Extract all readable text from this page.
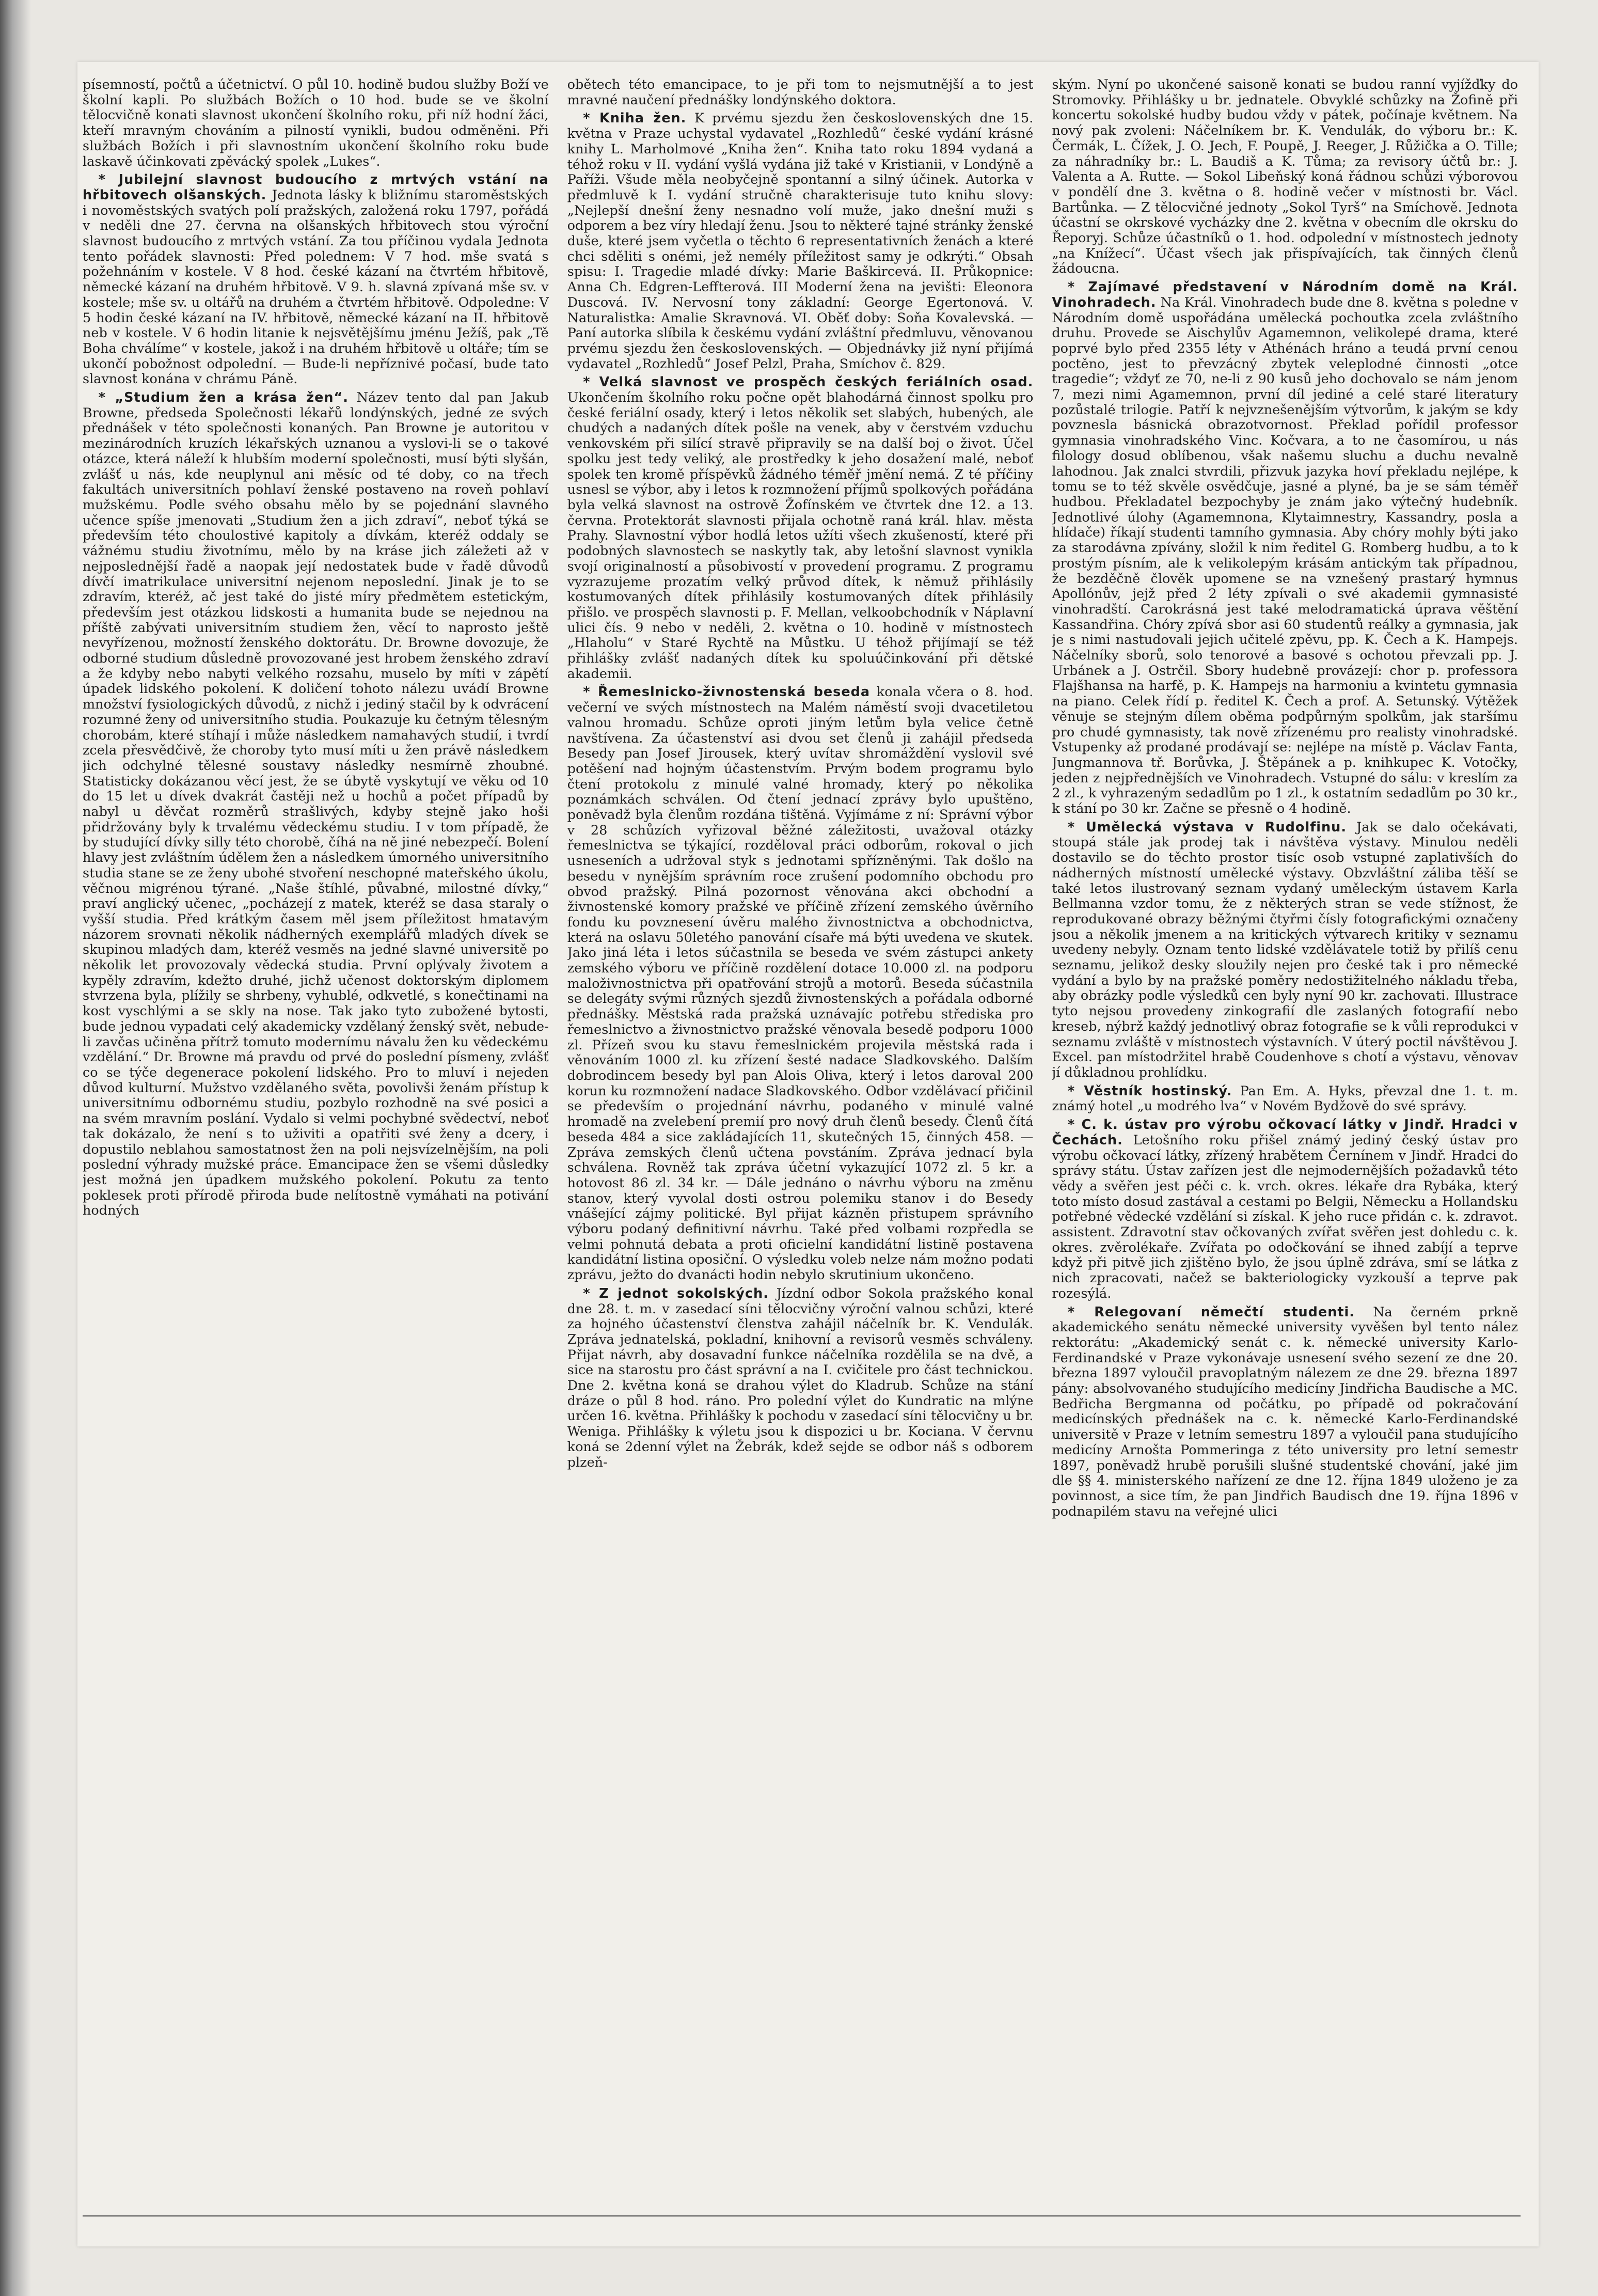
písemností, počtů a účetnictví. O půl 10. hodině budou služby Boží ve školní kapli. Po službách Božích o 10 hod. bude se ve školní tělocvičně konati slavnost ukončení školního roku, při níž hodní žáci, kteří mravným chováním a pilností vynikli, budou odměněni. Při službách Božích i při slavnostním ukončení školního roku bude laskavě účinkovati zpěvácký spolek „Lukes“.

* Jubilejní slavnost budoucího z mrtvých vstání na hřbitovech olšanských. Jednota lásky k bližnímu staroměstských i novoměstských svatých polí pražských, založená roku 1797, pořádá v neděli dne 27. června na olšanských hřbitovech stou výroční slavnost budoucího z mrtvých vstání. Za tou příčinou vydala Jednota tento pořádek slavnosti: Před polednem: V 7 hod. mše svatá s požehnáním v kostele. V 8 hod. české kázaní na čtvrtém hřbitově, německé kázaní na druhém hřbitově. V 9. h. slavná zpívaná mše sv. v kostele; mše sv. u oltářů na druhém a čtvrtém hřbitově. Odpoledne: V 5 hodin české kázaní na IV. hřbitově, německé kázaní na II. hřbitově neb v kostele. V 6 hodin litanie k nejsvětějšímu jménu Ježíš, pak „Tě Boha chválíme“ v kostele, jakož i na druhém hřbitově u oltáře; tím se ukončí pobožnost odpolední. — Bude-li nepříznivé počasí, bude tato slavnost konána v chrámu Páně.

* „Studium žen a krása žen“. Název tento dal pan Jakub Browne, předseda Společnosti lékařů londýnských, jedné ze svých přednášek v této společnosti konaných. Pan Browne je autoritou v mezinárodních kruzích lékařských uznanou a vyslovi-li se o takové otázce, která náleží k hlubším moderní společnosti, musí býti slyšán, zvlášť u nás, kde neuplynul ani měsíc od té doby, co na třech fakultách universitních pohlaví ženské postaveno na roveň pohlaví mužskému. Podle svého obsahu mělo by se pojednání slavného učence spíše jmenovati „Studium žen a jich zdraví“, neboť týká se především této choulostivé kapitoly a dívkám, kteréž oddaly se vážnému studiu životnímu, mělo by na kráse jich záležeti až v nejposlednější řadě a naopak její nedostatek bude v řadě důvodů dívčí imatrikulace universitní nejenom neposlední. Jinak je to se zdravím, kteréž, ač jest také do jisté míry předmětem estetickým, především jest otázkou lidskosti a humanita bude se nejednou na příště zabývati universitním studiem žen, věcí to naprosto ještě nevyřízenou, možností ženského doktorátu. Dr. Browne dovozuje, že odborné studium důsledně provozované jest hrobem ženského zdraví a že kdyby nebo nabyti velkého rozsahu, muselo by míti v zápětí úpadek lidského pokolení. K doličení tohoto nálezu uvádí Browne množství fysiologických důvodů, z nichž i jediný stačil by k odvrácení rozumné ženy od universitního studia. Poukazuje ku četným tělesným chorobám, které stíhají i může následkem namahavých studií, i tvrdí zcela přesvědčivě, že choroby tyto musí míti u žen právě následkem jich odchylné tělesné soustavy následky nesmírně zhoubné. Statisticky dokázanou věcí jest, že se úbytě vyskytují ve věku od 10 do 15 let u dívek dvakrát častěji než u hochů a počet případů by nabyl u děvčat rozměrů strašlivých, kdyby stejně jako hoši přidržovány byly k trvalému vědeckému studiu. I v tom případě, že by studující dívky silly této chorobě, číhá na ně jiné nebezpečí. Bolení hlavy jest zvláštním údělem žen a následkem úmorného universitního studia stane se ze ženy ubohé stvoření neschopné mateřského úkolu, věčnou migrénou týrané. „Naše štíhlé, půvabné, milostné dívky,“ praví anglický učenec, „pocházejí z matek, kteréž se dasa staraly o vyšší studia. Před krátkým časem měl jsem příležitost hmatavým názorem srovnati několik nádherných exemplářů mladých dívek se skupinou mladých dam, kteréž vesměs na jedné slavné universitě po několik let provozovaly vědecká studia. První oplývaly životem a kypěly zdravím, kdežto druhé, jichž učenost doktorským diplomem stvrzena byla, plížily se shrbeny, vyhublé, odkvetlé, s konečtinami na kost vyschlými a se skly na nose. Tak jako tyto zubožené bytosti, bude jednou vypadati celý akademicky vzdělaný ženský svět, nebude-li zavčas učiněna přítrž tomuto modernímu návalu žen ku vědeckému vzdělání.“ Dr. Browne má pravdu od prvé do poslední písmeny, zvlášť co se týče degenerace pokolení lidského. Pro to mluví i nejeden důvod kulturní. Mužstvo vzdělaného světa, povolivši ženám přístup k universitnímu odbornému studiu, pozbylo rozhodně na své posici a na svém mravním poslání. Vydalo si velmi pochybné svědectví, neboť tak dokázalo, že není s to uživiti a opatřiti své ženy a dcery, i dopustilo neblahou samostatnost žen na poli nejsvízelnějším, na poli poslední výhrady mužské práce. Emancipace žen se všemi důsledky jest možná jen úpadkem mužského pokolení. Pokutu za tento poklesek proti přírodě přiroda bude nelítostně vymáhati na potivání hodných

obětech této emancipace, to je při tom to nejsmutnější a to jest mravné naučení přednášky londýnského doktora.

* Kniha žen. K prvému sjezdu žen československých dne 15. května v Praze uchystal vydavatel „Rozhledů“ české vydání krásné knihy L. Marholmové „Kniha žen“. Kniha tato roku 1894 vydaná a téhož roku v II. vydání vyšlá vydána již také v Kristianii, v Londýně a Paříži. Všude měla neobyčejně spontanní a silný účinek. Autorka v předmluvě k I. vydání stručně charakterisuje tuto knihu slovy: „Nejlepší dnešní ženy nesnadno volí muže, jako dnešní muži s odporem a bez víry hledají ženu. Jsou to některé tajné stránky ženské duše, které jsem vyčetla o těchto 6 representativních ženách a které chci sděliti s onémi, jež nemély příležitost samy je odkrýti.“ Obsah spisu: I. Tragedie mladé dívky: Marie Baškircevá. II. Průkopnice: Anna Ch. Edgren-Leffterová. III Moderní žena na jevišti: Eleonora Duscová. IV. Nervosní tony základní: George Egertonová. V. Naturalistka: Amalie Skravnová. VI. Oběť doby: Soňa Kovalevská. — Paní autorka slíbila k českému vydání zvláštní předmluvu, věnovanou prvému sjezdu žen československých. — Objednávky již nyní přijímá vydavatel „Rozhledů“ Josef Pelzl, Praha, Smíchov č. 829.

* Velká slavnost ve prospěch českých feriálních osad. Ukončením školního roku počne opět blahodárná činnost spolku pro české feriální osady, který i letos několik set slabých, hubených, ale chudých a nadaných dítek pošle na venek, aby v čerstvém vzduchu venkovském při silící stravě připravily se na další boj o život. Účel spolku jest tedy veliký, ale prostředky k jeho dosažení malé, neboť spolek ten kromě příspěvků žádného téměř jmění nemá. Z té příčiny usnesl se výbor, aby i letos k rozmnožení příjmů spolkových pořádána byla velká slavnost na ostrově Žofínském ve čtvrtek dne 12. a 13. června. Protektorát slavnosti přijala ochotně raná král. hlav. města Prahy. Slavnostní výbor hodlá letos užíti všech zkušeností, které při podobných slavnostech se naskytly tak, aby letošní slavnost vynikla svojí originalností a působivostí v provedení programu. Z programu vyzrazujeme prozatím velký průvod dítek, k němuž přihlásily kostumovaných dítek přihlásily kostumovaných dítek přihlásily přišlo. ve prospěch slavnosti p. F. Mellan, velkoobchodník v Náplavní ulici čís. 9 nebo v neděli, 2. května o 10. hodině v místnostech „Hlaholu“ v Staré Rychtě na Můstku. U téhož přijímají se též přihlášky zvlášť nadaných dítek ku spoluúčinkování při dětské akademii.

* Řemeslnicko-živnostenská beseda konala včera o 8. hod. večerní ve svých místnostech na Malém náměstí svoji dvacetiletou valnou hromadu. Schůze oproti jiným letům byla velice četně navštívena. Za účastenství asi dvou set členů ji zahájil předseda Besedy pan Josef Jirousek, který uvítav shromáždění vyslovil své potěšení nad hojným účastenstvím. Prvým bodem programu bylo čtení protokolu z minulé valné hromady, který po několika poznámkách schválen. Od čtení jednací zprávy bylo upuštěno, poněvadž byla členům rozdána tištěná. Vyjímáme z ní: Správní výbor v 28 schůzích vyřizoval běžné záležitosti, uvažoval otázky řemeslnictva se týkající, rozděloval práci odborům, rokoval o jich usneseních a udržoval styk s jednotami spřízněnými. Tak došlo na besedu v nynějším správním roce zrušení podomního obchodu pro obvod pražský. Pilná pozornost věnována akci obchodní a živnostenské komory pražské ve příčině zřízení zemského úvěrního fondu ku povznesení úvěru malého živnostnictva a obchodnictva, která na oslavu 50letého panování císaře má býti uvedena ve skutek. Jako jiná léta i letos súčastnila se beseda ve svém zástupci ankety zemského výboru ve příčině rozdělení dotace 10.000 zl. na podporu maloživnostnictva při opatřování strojů a motorů. Beseda súčastnila se delegáty svými různých sjezdů živnostenských a pořádala odborné přednášky. Městská rada pražská uznávajíc potřebu střediska pro řemeslnictvo a živnostnictvo pražské věnovala besedě podporu 1000 zl. Přízeň svou ku stavu řemeslnickém projevila městská rada i věnováním 1000 zl. ku zřízení šesté nadace Sladkovského. Dalším dobrodincem besedy byl pan Alois Oliva, který i letos daroval 200 korun ku rozmnožení nadace Sladkovského. Odbor vzdělávací přičinil se především o projednání návrhu, podaného v minulé valné hromadě na zvelebení premií pro nový druh členů besedy. Členů čítá beseda 484 a sice zakládajících 11, skutečných 15, činných 458. — Zpráva zemských členů učtena povstáním. Zpráva jednací byla schválena. Rovněž tak zpráva účetní vykazující 1072 zl. 5 kr. a hotovost 86 zl. 34 kr. — Dále jednáno o návrhu výboru na změnu stanov, který vyvolal dosti ostrou polemiku stanov i do Besedy vnášející zájmy politické. Byl přijat kázněn přistupem správního výboru podaný definitivní návrhu. Také před volbami rozpředla se velmi pohnutá debata a proti oficielní kandidátní listině postavena kandidátní listina oposiční. O výsledku voleb nelze nám možno podati zprávu, ježto do dvanácti hodin nebylo skrutinium ukončeno.

* Z jednot sokolských. Jízdní odbor Sokola pražského konal dne 28. t. m. v zasedací síni tělocvičny výroční valnou schůzi, které za hojného účastenství členstva zahájil náčelník br. K. Vendulák. Zpráva jednatelská, pokladní, knihovní a revisorů vesměs schváleny. Přijat návrh, aby dosavadní funkce náčelníka rozdělila se na dvě, a sice na starostu pro část správní a na I. cvičitele pro část technickou. Dne 2. května koná se drahou výlet do Kladrub. Schůze na stání dráze o půl 8 hod. ráno. Pro polední výlet do Kundratic na mlýne určen 16. května. Přihlášky k pochodu v zasedací síni tělocvičny u br. Weniga. Přihlášky k výletu jsou k dispozici u br. Kociana. V červnu koná se 2denní výlet na Žebrák, kdež sejde se odbor náš s odborem plzeň-

ským. Nyní po ukončené saisoně konati se budou ranní vyjížďky do Stromovky. Přihlášky u br. jednatele. Obvyklé schůzky na Žofině při koncertu sokolské hudby budou vždy v pátek, počínaje květnem. Na nový pak zvoleni: Náčelníkem br. K. Vendulák, do výboru br.: K. Čermák, L. Čížek, J. O. Jech, F. Poupě, J. Reeger, J. Růžička a O. Tille; za náhradníky br.: L. Baudiš a K. Tůma; za revisory účtů br.: J. Valenta a A. Rutte. — Sokol Libeňský koná řádnou schůzi výborovou v pondělí dne 3. května o 8. hodině večer v místnosti br. Václ. Bartůnka. — Z tělocvičné jednoty „Sokol Tyrš“ na Smíchově. Jednota účastní se okrskové vycházky dne 2. května v obecním dle okrsku do Řeporyj. Schůze účastníků o 1. hod. odpolední v místnostech jednoty „na Knížecí“. Účast všech jak přispívajících, tak činných členů žádoucna.

* Zajímavé představení v Národním domě na Král. Vinohradech. Na Král. Vinohradech bude dne 8. května s poledne v Národním domě uspořádána umělecká pochoutka zcela zvláštního druhu. Provede se Aischylův Agamemnon, velikolepé drama, které poprvé bylo před 2355 léty v Athénách hráno a teudá první cenou poctěno, jest to převzácný zbytek veleplodné činnosti „otce tragedie“; vždyť ze 70, ne-li z 90 kusů jeho dochovalo se nám jenom 7, mezi nimi Agamemnon, první díl jediné a celé staré literatury pozůstalé trilogie. Patří k nejvznešenějším výtvorům, k jakým se kdy povznesla básnická obrazotvornost. Překlad pořídil professor gymnasia vinohradského Vinc. Kočvara, a to ne časomírou, u nás filology dosud oblíbenou, však našemu sluchu a duchu nevalně lahodnou. Jak znalci stvrdili, přizvuk jazyka hoví překladu nejlépe, k tomu se to též skvěle osvědčuje, jasné a plyné, ba je se sám téměř hudbou. Překladatel bezpochyby je znám jako výtečný hudebník. Jednotlivé úlohy (Agamemnona, Klytaimnestry, Kassandry, posla a hlídače) říkají studenti tamního gymnasia. Aby chóry mohly býti jako za starodávna zpívány, složil k nim ředitel G. Romberg hudbu, a to k prostým písním, ale k velikolepým krásám antickým tak případnou, že bezděčně člověk upomene se na vznešený prastarý hymnus Apollónův, jejž před 2 léty zpívali o své akademii gymnasisté vinohradští. Carokrásná jest také melodramatická úprava věštění Kassandřina. Chóry zpívá sbor asi 60 studentů reálky a gymnasia, jak je s nimi nastudovali jejich učitelé zpěvu, pp. K. Čech a K. Hampejs. Náčelníky sborů, solo tenorové a basové s ochotou převzali pp. J. Urbánek a J. Ostrčil. Sbory hudebně provázejí: chor p. professora Flajšhansa na harfě, p. K. Hampejs na harmoniu a kvintetu gymnasia na piano. Celek řídí p. ředitel K. Čech a prof. A. Setunský. Výtěžek věnuje se stejným dílem oběma podpůrným spolkům, jak staršímu pro chudé gymnasisty, tak nově zřízenému pro realisty vinohradské. Vstupenky až prodané prodávají se: nejlépe na místě p. Václav Fanta, Jungmannova tř. Borůvka, J. Štěpánek a p. knihkupec K. Votočky, jeden z nejpřednějších ve Vinohradech. Vstupné do sálu: v kreslím za 2 zl., k vyhrazeným sedadlům po 1 zl., k ostatním sedadlům po 30 kr., k stání po 30 kr. Začne se přesně o 4 hodině.

* Umělecká výstava v Rudolfinu. Jak se dalo očekávati, stoupá stále jak prodej tak i návštěva výstavy. Minulou neděli dostavilo se do těchto prostor tisíc osob vstupné zaplativších do nádherných místností umělecké výstavy. Obzvláštní záliba těší se také letos ilustrovaný seznam vydaný uměleckým ústavem Karla Bellmanna vzdor tomu, že z některých stran se vede stížnost, že reprodukované obrazy běžnými čtyřmi čísly fotografickými označeny jsou a několik jmenem a na kritických výtvarech kritiky v seznamu uvedeny nebyly. Oznam tento lidské vzdělávatele totiž by přilíš cenu seznamu, jelikož desky sloužily nejen pro české tak i pro německé vydání a bylo by na pražské poměry nedostižitelného nákladu třeba, aby obrázky podle výsledků cen byly nyní 90 kr. zachovati. Illustrace tyto nejsou provedeny zinkografií dle zaslaných fotografií nebo kreseb, nýbrž každý jednotlivý obraz fotografie se k vůli reprodukci v seznamu zvláště v místnostech výstavních. V úterý poctil návštěvou J. Excel. pan místodržitel hrabě Coudenhove s chotí a výstavu, věnovav jí důkladnou prohlídku.

* Věstník hostinský. Pan Em. A. Hyks, převzal dne 1. t. m. známý hotel „u modrého lva“ v Novém Bydžově do své správy.

* C. k. ústav pro výrobu očkovací látky v Jindř. Hradci v Čechách. Letošního roku přišel známý jediný český ústav pro výrobu očkovací látky, zřízený hrabětem Černínem v Jindř. Hradci do správy státu. Ústav zařízen jest dle nejmodernějších požadavků této vědy a svěřen jest péči c. k. vrch. okres. lékaře dra Rybáka, který toto místo dosud zastával a cestami po Belgii, Německu a Hollandsku potřebné vědecké vzdělání si získal. K jeho ruce přidán c. k. zdravot. assistent. Zdravotní stav očkovaných zvířat svěřen jest dohledu c. k. okres. zvěrolékaře. Zvířata po odočkování se ihned zabíjí a teprve když při pitvě jich zjištěno bylo, že jsou úplně zdráva, smí se látka z nich zpracovati, načež se bakteriologicky vyzkouší a teprve pak rozesýlá.

* Relegovaní němečtí studenti. Na černém prkně akademického senátu německé university vyvěšen byl tento nález rektorátu: „Akademický senát c. k. německé university Karlo-Ferdinandské v Praze vykonávaje usnesení svého sezení ze dne 20. března 1897 vyloučil pravoplatným nálezem ze dne 29. března 1897 pány: absolvovaného studujícího medicíny Jindřicha Baudische a MC. Bedřicha Bergmanna od počátku, po případě od pokračování medicínských přednášek na c. k. německé Karlo-Ferdinandské universitě v Praze v letním semestru 1897 a vyloučil pana studujícího medicíny Arnošta Pommeringa z této university pro letní semestr 1897, poněvadž hrubě porušili slušné studentské chování, jaké jim dle §§ 4. ministerského nařízení ze dne 12. října 1849 uloženo je za povinnost, a sice tím, že pan Jindřich Baudisch dne 19. října 1896 v podnapilém stavu na veřejné ulici
